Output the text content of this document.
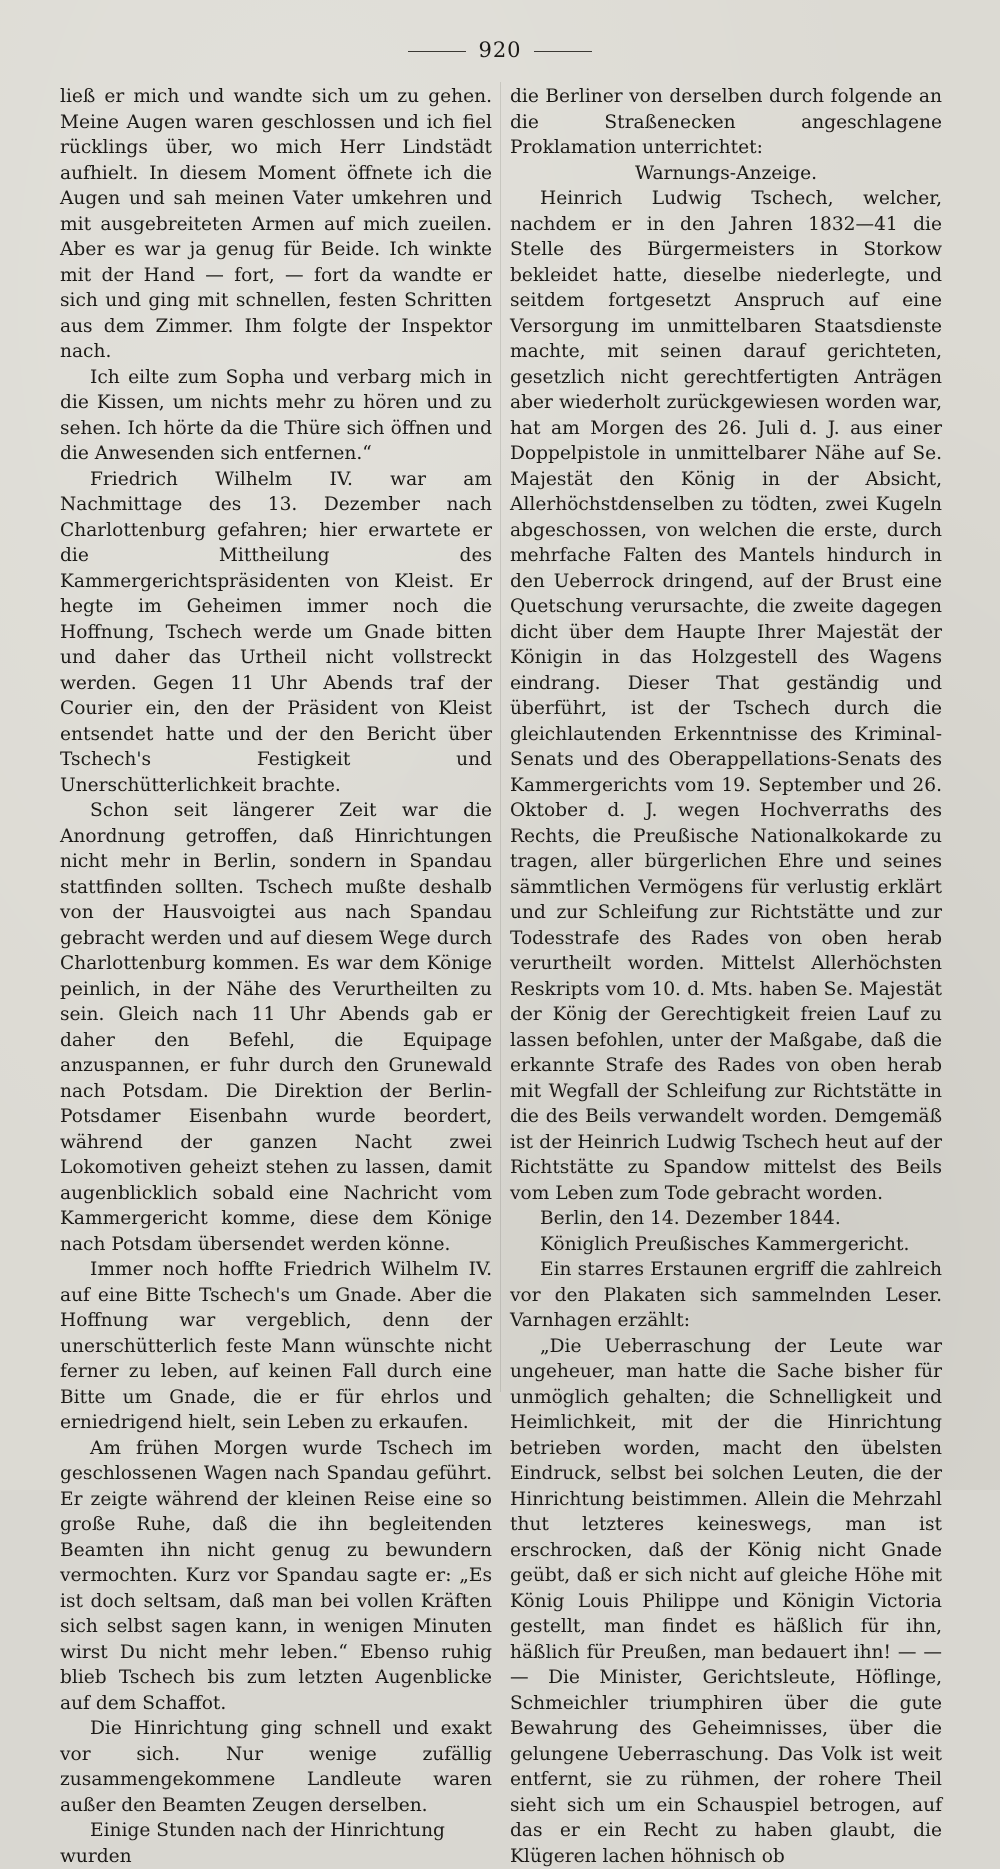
920

ließ er mich und wandte sich um zu gehen. Meine Augen waren geschlossen und ich fiel rücklings über, wo mich Herr Lindstädt aufhielt. In diesem Moment öffnete ich die Augen und sah meinen Vater umkehren und mit ausgebreiteten Armen auf mich zueilen. Aber es war ja genug für Beide. Ich winkte mit der Hand — fort, — fort da wandte er sich und ging mit schnellen, festen Schritten aus dem Zimmer. Ihm folgte der Inspektor nach.

Ich eilte zum Sopha und verbarg mich in die Kissen, um nichts mehr zu hören und zu sehen. Ich hörte da die Thüre sich öffnen und die Anwesenden sich entfernen.“

Friedrich Wilhelm IV. war am Nachmittage des 13. Dezember nach Charlottenburg gefahren; hier erwartete er die Mittheilung des Kammergerichtspräsidenten von Kleist. Er hegte im Geheimen immer noch die Hoffnung, Tschech werde um Gnade bitten und daher das Urtheil nicht vollstreckt werden. Gegen 11 Uhr Abends traf der Courier ein, den der Präsident von Kleist entsendet hatte und der den Bericht über Tschech's Festigkeit und Unerschütterlichkeit brachte.

Schon seit längerer Zeit war die Anordnung getroffen, daß Hinrichtungen nicht mehr in Berlin, sondern in Spandau stattfinden sollten. Tschech mußte deshalb von der Hausvoigtei aus nach Spandau gebracht werden und auf diesem Wege durch Charlottenburg kommen. Es war dem Könige peinlich, in der Nähe des Verurtheilten zu sein. Gleich nach 11 Uhr Abends gab er daher den Befehl, die Equipage anzuspannen, er fuhr durch den Grunewald nach Potsdam. Die Direktion der Berlin-Potsdamer Eisenbahn wurde beordert, während der ganzen Nacht zwei Lokomotiven geheizt stehen zu lassen, damit augenblicklich sobald eine Nachricht vom Kammergericht komme, diese dem Könige nach Potsdam übersendet werden könne.

Immer noch hoffte Friedrich Wilhelm IV. auf eine Bitte Tschech's um Gnade. Aber die Hoffnung war vergeblich, denn der unerschütterlich feste Mann wünschte nicht ferner zu leben, auf keinen Fall durch eine Bitte um Gnade, die er für ehrlos und erniedrigend hielt, sein Leben zu erkaufen.

Am frühen Morgen wurde Tschech im geschlossenen Wagen nach Spandau geführt. Er zeigte während der kleinen Reise eine so große Ruhe, daß die ihn begleitenden Beamten ihn nicht genug zu bewundern vermochten. Kurz vor Spandau sagte er: „Es ist doch seltsam, daß man bei vollen Kräften sich selbst sagen kann, in wenigen Minuten wirst Du nicht mehr leben.“ Ebenso ruhig blieb Tschech bis zum letzten Augenblicke auf dem Schaffot.

Die Hinrichtung ging schnell und exakt vor sich. Nur wenige zufällig zusammengekommene Landleute waren außer den Beamten Zeugen derselben.

Einige Stunden nach der Hinrichtung wurden

die Berliner von derselben durch folgende an die Straßenecken angeschlagene Proklamation unterrichtet:

Warnungs-Anzeige.

Heinrich Ludwig Tschech, welcher, nachdem er in den Jahren 1832—41 die Stelle des Bürgermeisters in Storkow bekleidet hatte, dieselbe niederlegte, und seitdem fortgesetzt Anspruch auf eine Versorgung im unmittelbaren Staatsdienste machte, mit seinen darauf gerichteten, gesetzlich nicht gerechtfertigten Anträgen aber wiederholt zurückgewiesen worden war, hat am Morgen des 26. Juli d. J. aus einer Doppelpistole in unmittelbarer Nähe auf Se. Majestät den König in der Absicht, Allerhöchstdenselben zu tödten, zwei Kugeln abgeschossen, von welchen die erste, durch mehrfache Falten des Mantels hindurch in den Ueberrock dringend, auf der Brust eine Quetschung verursachte, die zweite dagegen dicht über dem Haupte Ihrer Majestät der Königin in das Holzgestell des Wagens eindrang. Dieser That geständig und überführt, ist der Tschech durch die gleichlautenden Erkenntnisse des Kriminal-Senats und des Oberappellations-Senats des Kammergerichts vom 19. September und 26. Oktober d. J. wegen Hochverraths des Rechts, die Preußische Nationalkokarde zu tragen, aller bürgerlichen Ehre und seines sämmtlichen Vermögens für verlustig erklärt und zur Schleifung zur Richtstätte und zur Todesstrafe des Rades von oben herab verurtheilt worden. Mittelst Allerhöchsten Reskripts vom 10. d. Mts. haben Se. Majestät der König der Gerechtigkeit freien Lauf zu lassen befohlen, unter der Maßgabe, daß die erkannte Strafe des Rades von oben herab mit Wegfall der Schleifung zur Richtstätte in die des Beils verwandelt worden. Demgemäß ist der Heinrich Ludwig Tschech heut auf der Richtstätte zu Spandow mittelst des Beils vom Leben zum Tode gebracht worden.

Berlin, den 14. Dezember 1844.

Königlich Preußisches Kammergericht.

Ein starres Erstaunen ergriff die zahlreich vor den Plakaten sich sammelnden Leser. Varnhagen erzählt:

„Die Ueberraschung der Leute war ungeheuer, man hatte die Sache bisher für unmöglich gehalten; die Schnelligkeit und Heimlichkeit, mit der die Hinrichtung betrieben worden, macht den übelsten Eindruck, selbst bei solchen Leuten, die der Hinrichtung beistimmen. Allein die Mehrzahl thut letzteres keineswegs, man ist erschrocken, daß der König nicht Gnade geübt, daß er sich nicht auf gleiche Höhe mit König Louis Philippe und Königin Victoria gestellt, man findet es häßlich für ihn, häßlich für Preußen, man bedauert ihn! — — — Die Minister, Gerichtsleute, Höflinge, Schmeichler triumphiren über die gute Bewahrung des Geheimnisses, über die gelungene Ueberraschung. Das Volk ist weit entfernt, sie zu rühmen, der rohere Theil sieht sich um ein Schauspiel betrogen, auf das er ein Recht zu haben glaubt, die Klügeren lachen höhnisch ob
